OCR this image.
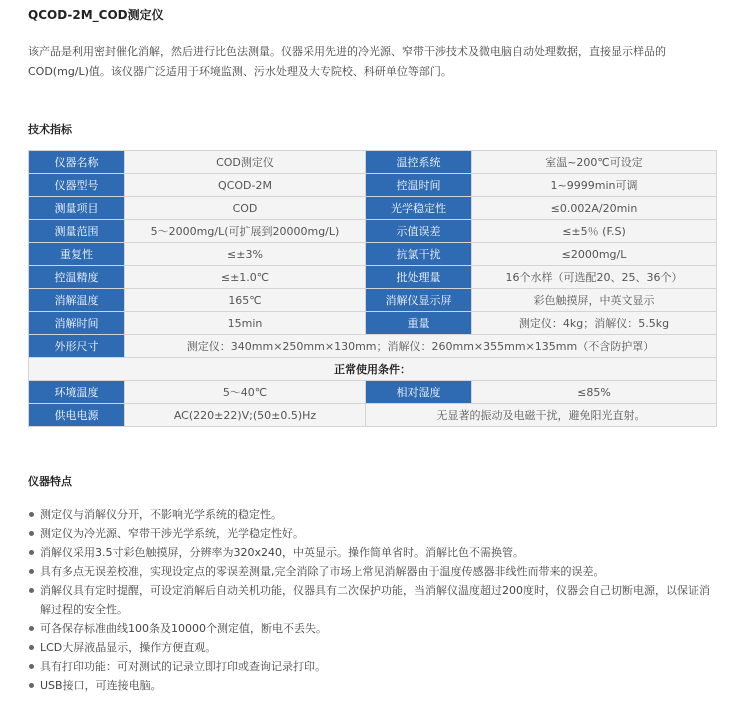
QCOD-2M_COD测定仪
该产品是利用密封催化消解，然后进行比色法测量。仪器采用先进的冷光源、窄带干涉技术及微电脑自动处理数据，直接显示样品的COD(mg/L)值。该仪器广泛适用于环境监测、污水处理及大专院校、科研单位等部门。
技术指标
仪器名称	COD测定仪	温控系统	室温~200℃可设定
仪器型号	QCOD-2M	控温时间	1~9999min可调
测量项目	COD	光学稳定性	≤0.002A/20min
测量范围	5～2000mg/L(可扩展到20000mg/L)	示值误差	≤±5％ (F.S)
重复性	≤±3%	抗氯干扰	≤2000mg/L
控温精度	≤±1.0℃	批处理量	16个水样（可选配20、25、36个）
消解温度	165℃	消解仪显示屏	彩色触摸屏，中英文显示
消解时间	15min	重量	测定仪：4kg；消解仪：5.5kg
外形尺寸	测定仪：340mm×250mm×130mm；消解仪：260mm×355mm×135mm（不含防护罩）		
正常使用条件：			
环境温度	5～40℃	相对湿度	≤85%
供电电源	AC(220±22)V;(50±0.5)Hz	无显著的振动及电磁干扰，避免阳光直射。	
仪器特点
测定仪与消解仪分开，不影响光学系统的稳定性。
测定仪为冷光源、窄带干涉光学系统，光学稳定性好。
消解仪采用3.5寸彩色触摸屏，分辨率为320x240，中英显示。操作简单省时。消解比色不需换管。
具有多点无误差校准，实现设定点的零误差测量,完全消除了市场上常见消解器由于温度传感器非线性而带来的误差。
消解仪具有定时提醒，可设定消解后自动关机功能，仪器具有二次保护功能，当消解仪温度超过200度时，仪器会自己切断电源，以保证消解过程的安全性。
可各保存标准曲线100条及10000个测定值，断电不丢失。
LCD大屏液晶显示，操作方便直观。
具有打印功能：可对测试的记录立即打印或查询记录打印。
USB接口，可连接电脑。
